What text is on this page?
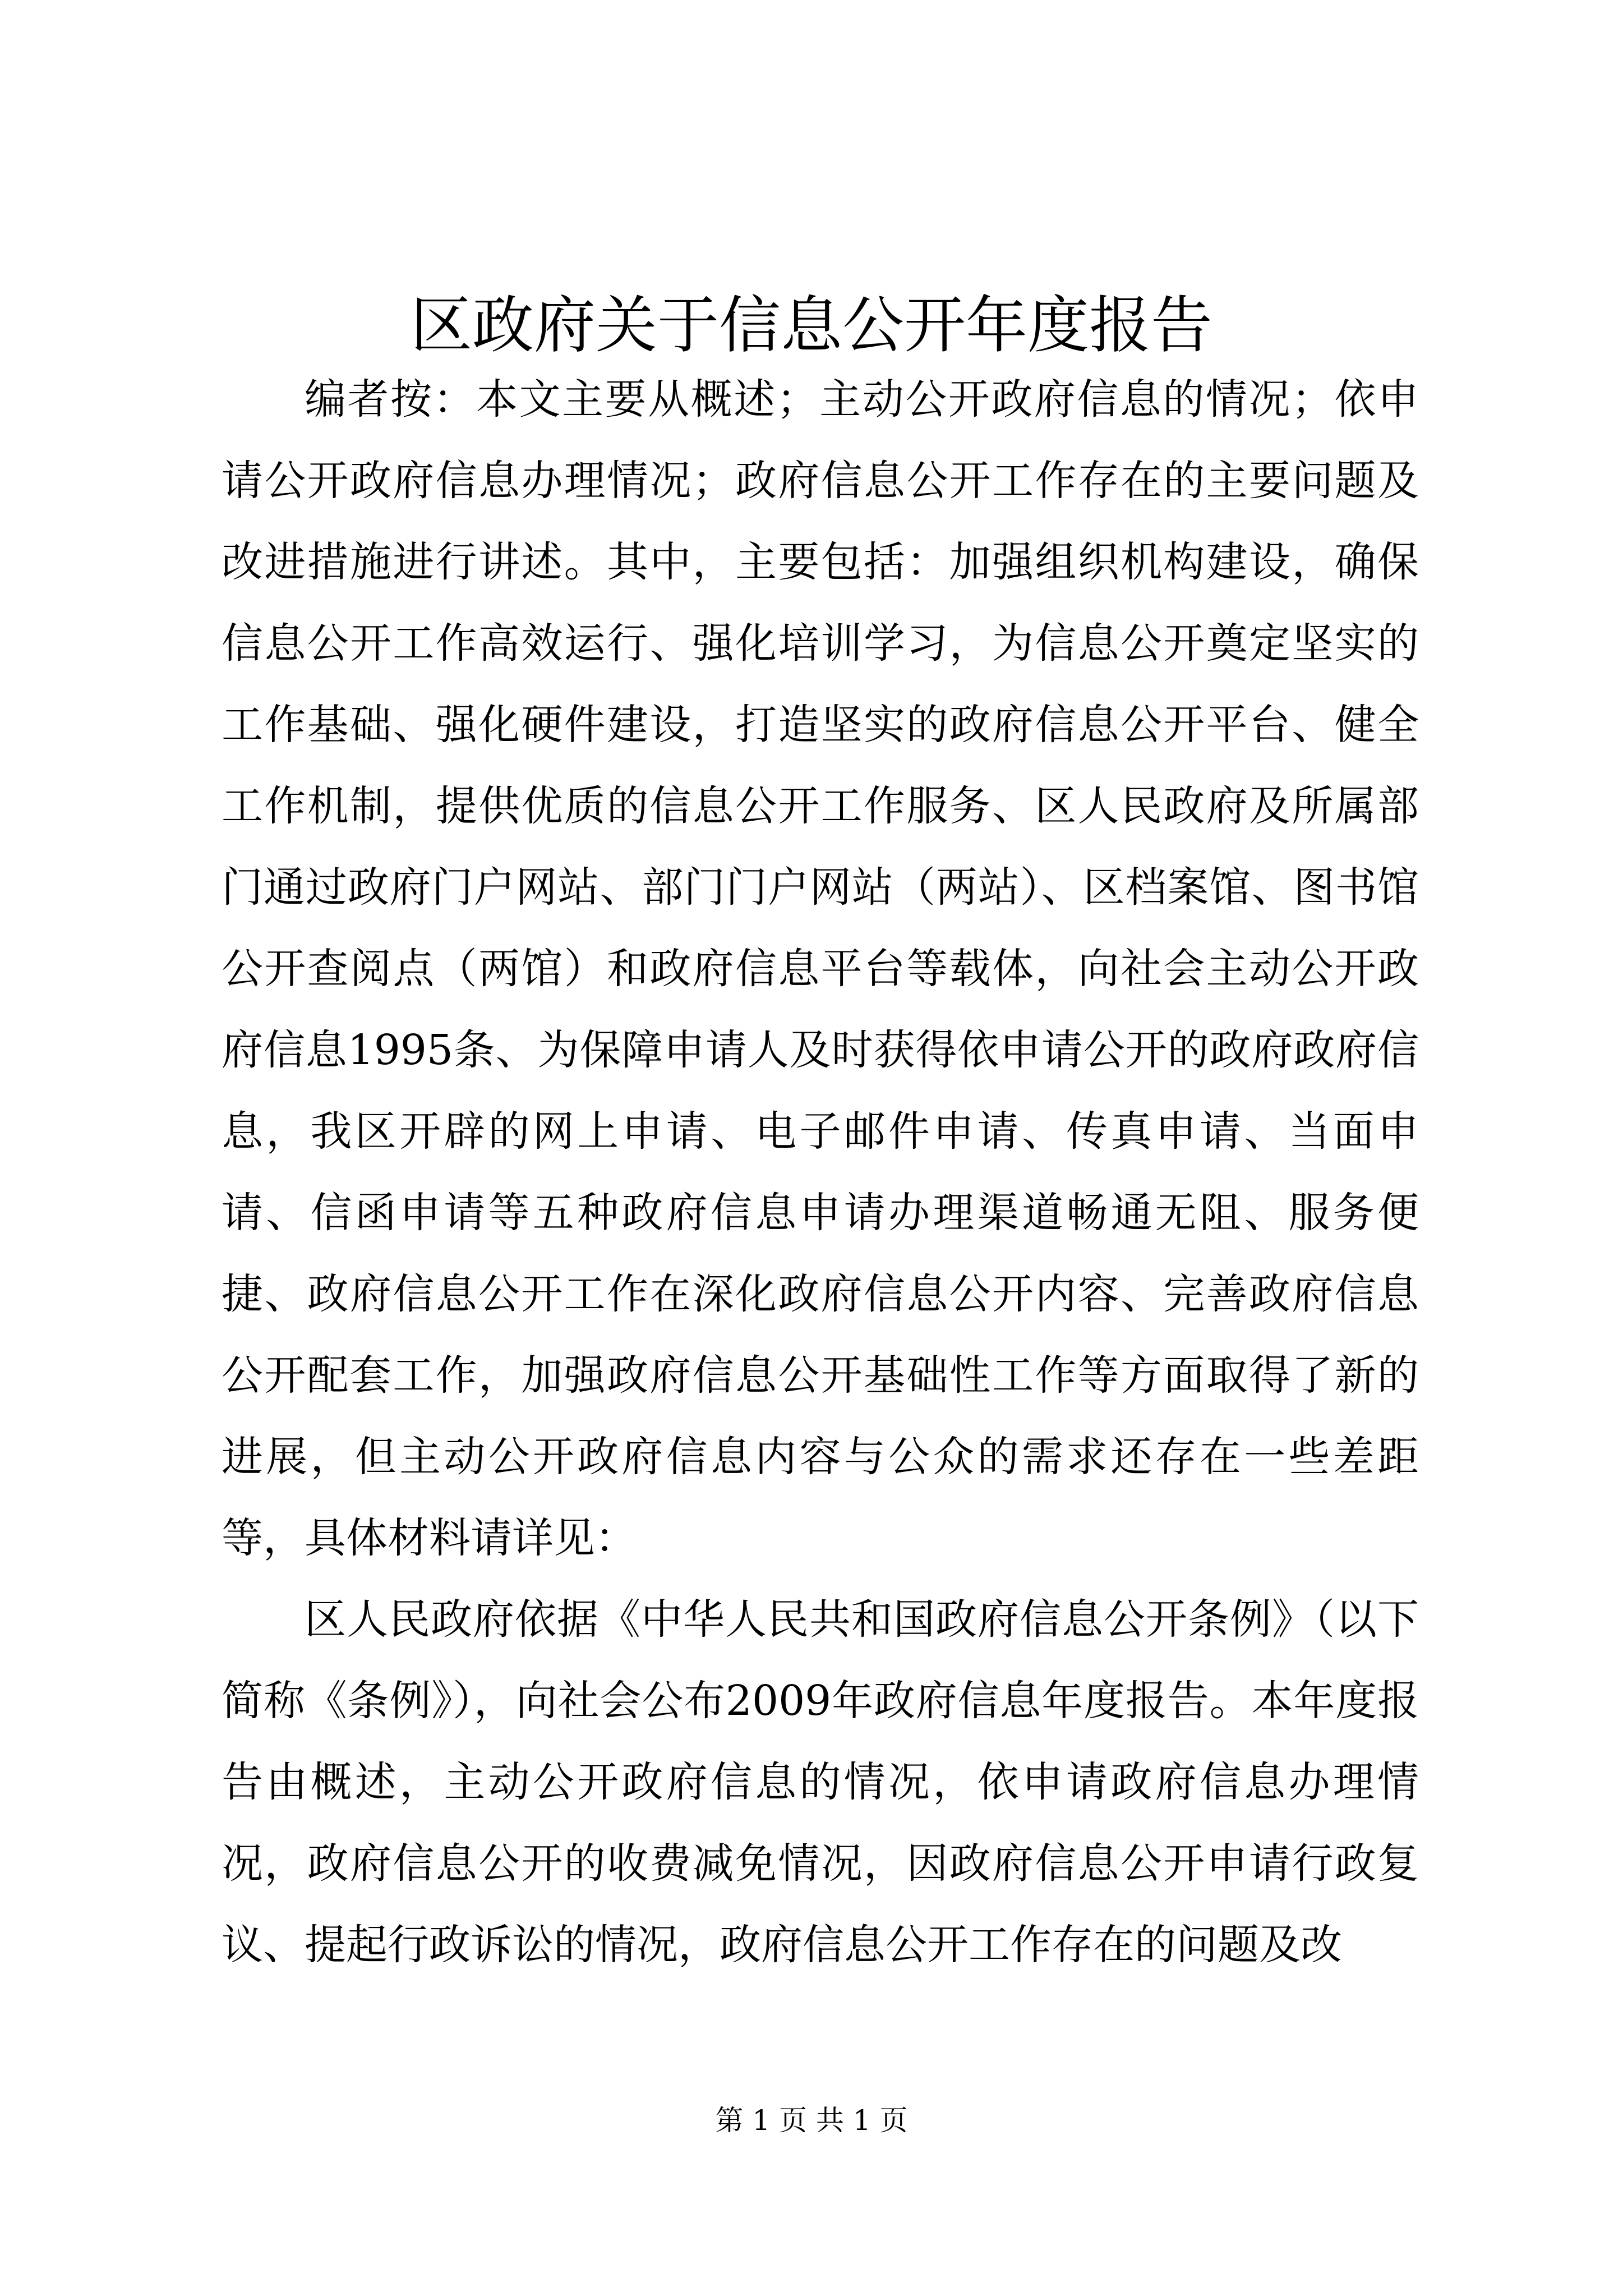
区政府关于信息公开年度报告

编者按：本文主要从概述；主动公开政府信息的情况；依申请公开政府信息办理情况；政府信息公开工作存在的主要问题及改进措施进行讲述。其中，主要包括：加强组织机构建设，确保信息公开工作高效运行、强化培训学习，为信息公开奠定坚实的工作基础、强化硬件建设，打造坚实的政府信息公开平台、健全工作机制，提供优质的信息公开工作服务、区人民政府及所属部门通过政府门户网站、部门门户网站（两站）、区档案馆、图书馆公开查阅点（两馆）和政府信息平台等载体，向社会主动公开政府信息1995条、为保障申请人及时获得依申请公开的政府政府信息，我区开辟的网上申请、电子邮件申请、传真申请、当面申请、信函申请等五种政府信息申请办理渠道畅通无阻、服务便捷、政府信息公开工作在深化政府信息公开内容、完善政府信息公开配套工作，加强政府信息公开基础性工作等方面取得了新的进展，但主动公开政府信息内容与公众的需求还存在一些差距等，具体材料请详见：

区人民政府依据《中华人民共和国政府信息公开条例》（以下简称《条例》），向社会公布2009年政府信息年度报告。本年度报告由概述，主动公开政府信息的情况，依申请政府信息办理情况，政府信息公开的收费减免情况，因政府信息公开申请行政复议、提起行政诉讼的情况，政府信息公开工作存在的问题及改

第 1 页 共 1 页
